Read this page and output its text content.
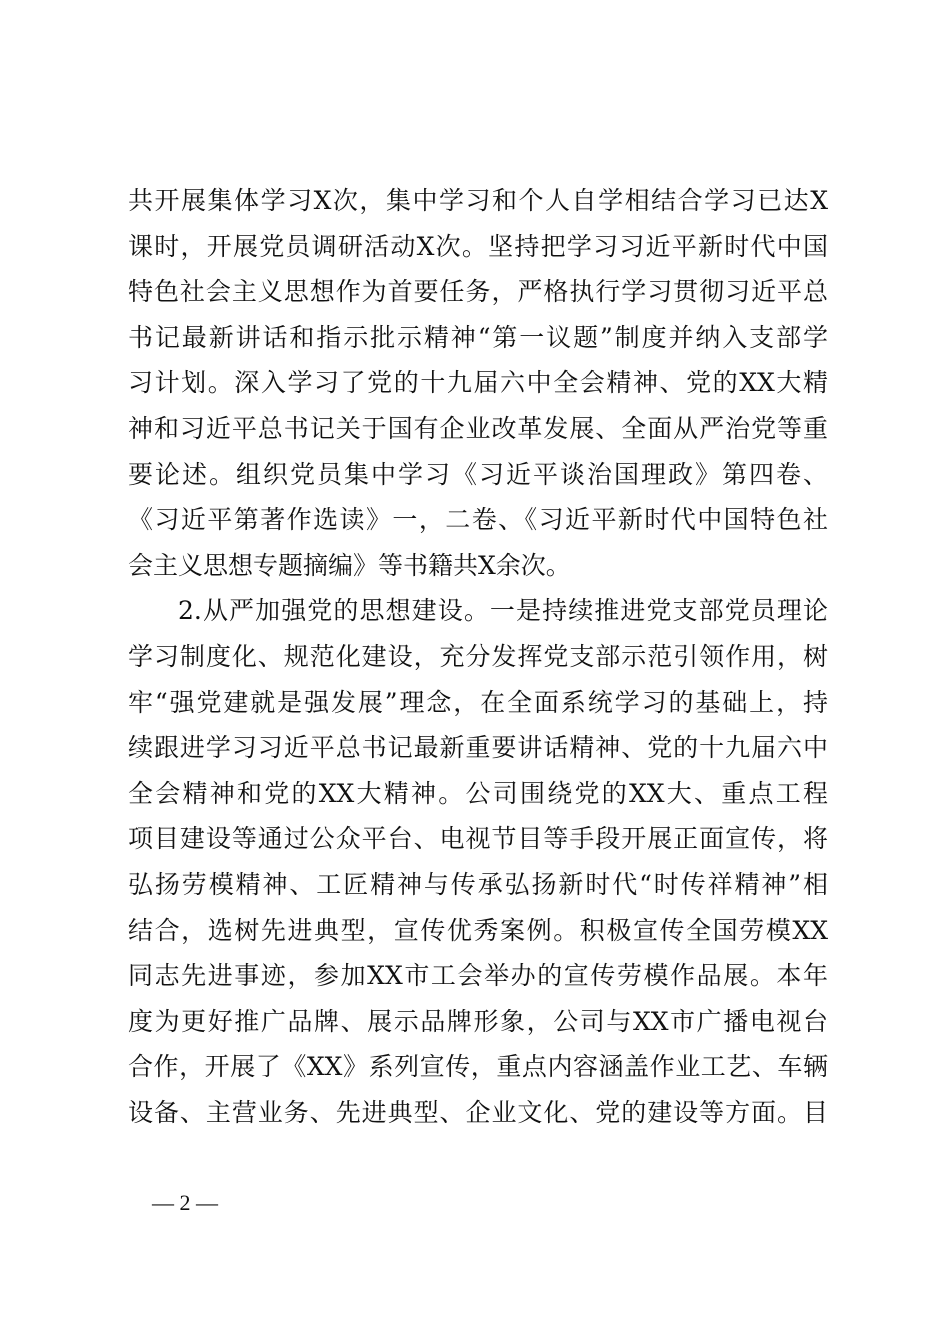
共开展集体学习X次，集中学习和个人自学相结合学习已达X
课时，开展党员调研活动X次。坚持把学习习近平新时代中国
特色社会主义思想作为首要任务，严格执行学习贯彻习近平总
书记最新讲话和指示批示精神“第一议题”制度并纳入支部学
习计划。深入学习了党的十九届六中全会精神、党的XX大精
神和习近平总书记关于国有企业改革发展、全面从严治党等重
要论述。组织党员集中学习《习近平谈治国理政》第四卷、
《习近平第著作选读》一，二卷、《习近平新时代中国特色社
会主义思想专题摘编》等书籍共X余次。
2.从严加强党的思想建设。一是持续推进党支部党员理论
学习制度化、规范化建设，充分发挥党支部示范引领作用，树
牢“强党建就是强发展”理念，在全面系统学习的基础上，持
续跟进学习习近平总书记最新重要讲话精神、党的十九届六中
全会精神和党的XX大精神。公司围绕党的XX大、重点工程
项目建设等通过公众平台、电视节目等手段开展正面宣传，将
弘扬劳模精神、工匠精神与传承弘扬新时代“时传祥精神”相
结合，选树先进典型，宣传优秀案例。积极宣传全国劳模XX
同志先进事迹，参加XX市工会举办的宣传劳模作品展。本年
度为更好推广品牌、展示品牌形象，公司与XX市广播电视台
合作，开展了《XX》系列宣传，重点内容涵盖作业工艺、车辆
设备、主营业务、先进典型、企业文化、党的建设等方面。目
— 2 —
